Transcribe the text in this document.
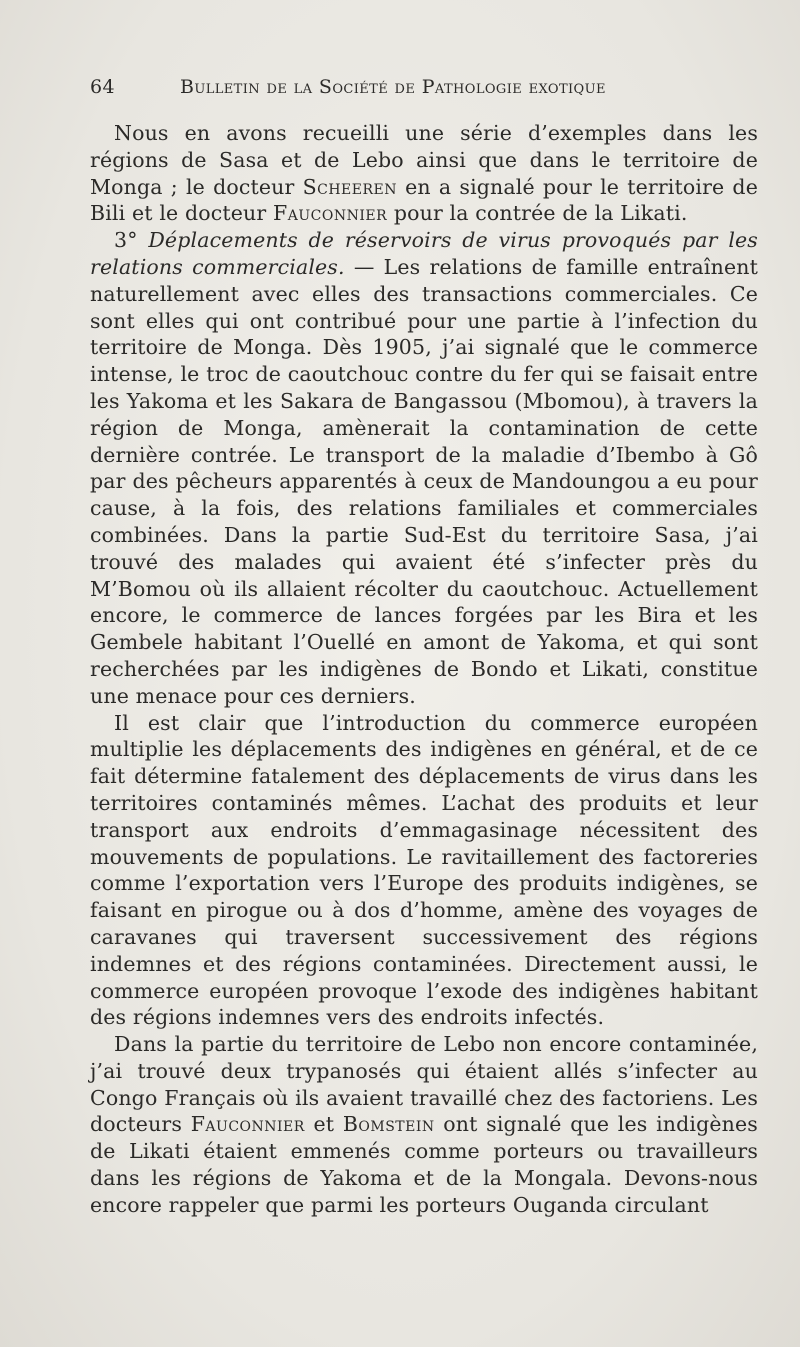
64	Bulletin de la Société de Pathologie exotique

Nous en avons recueilli une série d’exemples dans les régions de Sasa et de Lebo ainsi que dans le territoire de Monga ; le docteur Scheeren en a signalé pour le territoire de Bili et le docteur Fauconnier pour la contrée de la Likati.

3° Déplacements de réservoirs de virus provoqués par les relations commerciales. — Les relations de famille entraînent naturellement avec elles des transactions commerciales. Ce sont elles qui ont contribué pour une partie à l’infection du territoire de Monga. Dès 1905, j’ai signalé que le commerce intense, le troc de caoutchouc contre du fer qui se faisait entre les Yakoma et les Sakara de Bangassou (Mbomou), à travers la région de Monga, amènerait la contamination de cette dernière contrée. Le transport de la maladie d’Ibembo à Gô par des pêcheurs apparentés à ceux de Mandoungou a eu pour cause, à la fois, des relations familiales et commerciales combinées. Dans la partie Sud-Est du territoire Sasa, j’ai trouvé des malades qui avaient été s’infecter près du M’Bomou où ils allaient récolter du caoutchouc. Actuellement encore, le commerce de lances forgées par les Bira et les Gembele habitant l’Ouellé en amont de Yakoma, et qui sont recherchées par les indigènes de Bondo et Likati, constitue une menace pour ces derniers.

Il est clair que l’introduction du commerce européen multiplie les déplacements des indigènes en général, et de ce fait détermine fatalement des déplacements de virus dans les territoires contaminés mêmes. L’achat des produits et leur transport aux endroits d’emmagasinage nécessitent des mouvements de populations. Le ravitaillement des factoreries comme l’exportation vers l’Europe des produits indigènes, se faisant en pirogue ou à dos d’homme, amène des voyages de caravanes qui traversent successivement des régions indemnes et des régions contaminées. Directement aussi, le commerce européen provoque l’exode des indigènes habitant des régions indemnes vers des endroits infectés.

Dans la partie du territoire de Lebo non encore contaminée, j’ai trouvé deux trypanosés qui étaient allés s’infecter au Congo Français où ils avaient travaillé chez des factoriens. Les docteurs Fauconnier et Bomstein ont signalé que les indigènes de Likati étaient emmenés comme porteurs ou travailleurs dans les régions de Yakoma et de la Mongala. Devons-nous encore rappeler que parmi les porteurs Ouganda circulant
